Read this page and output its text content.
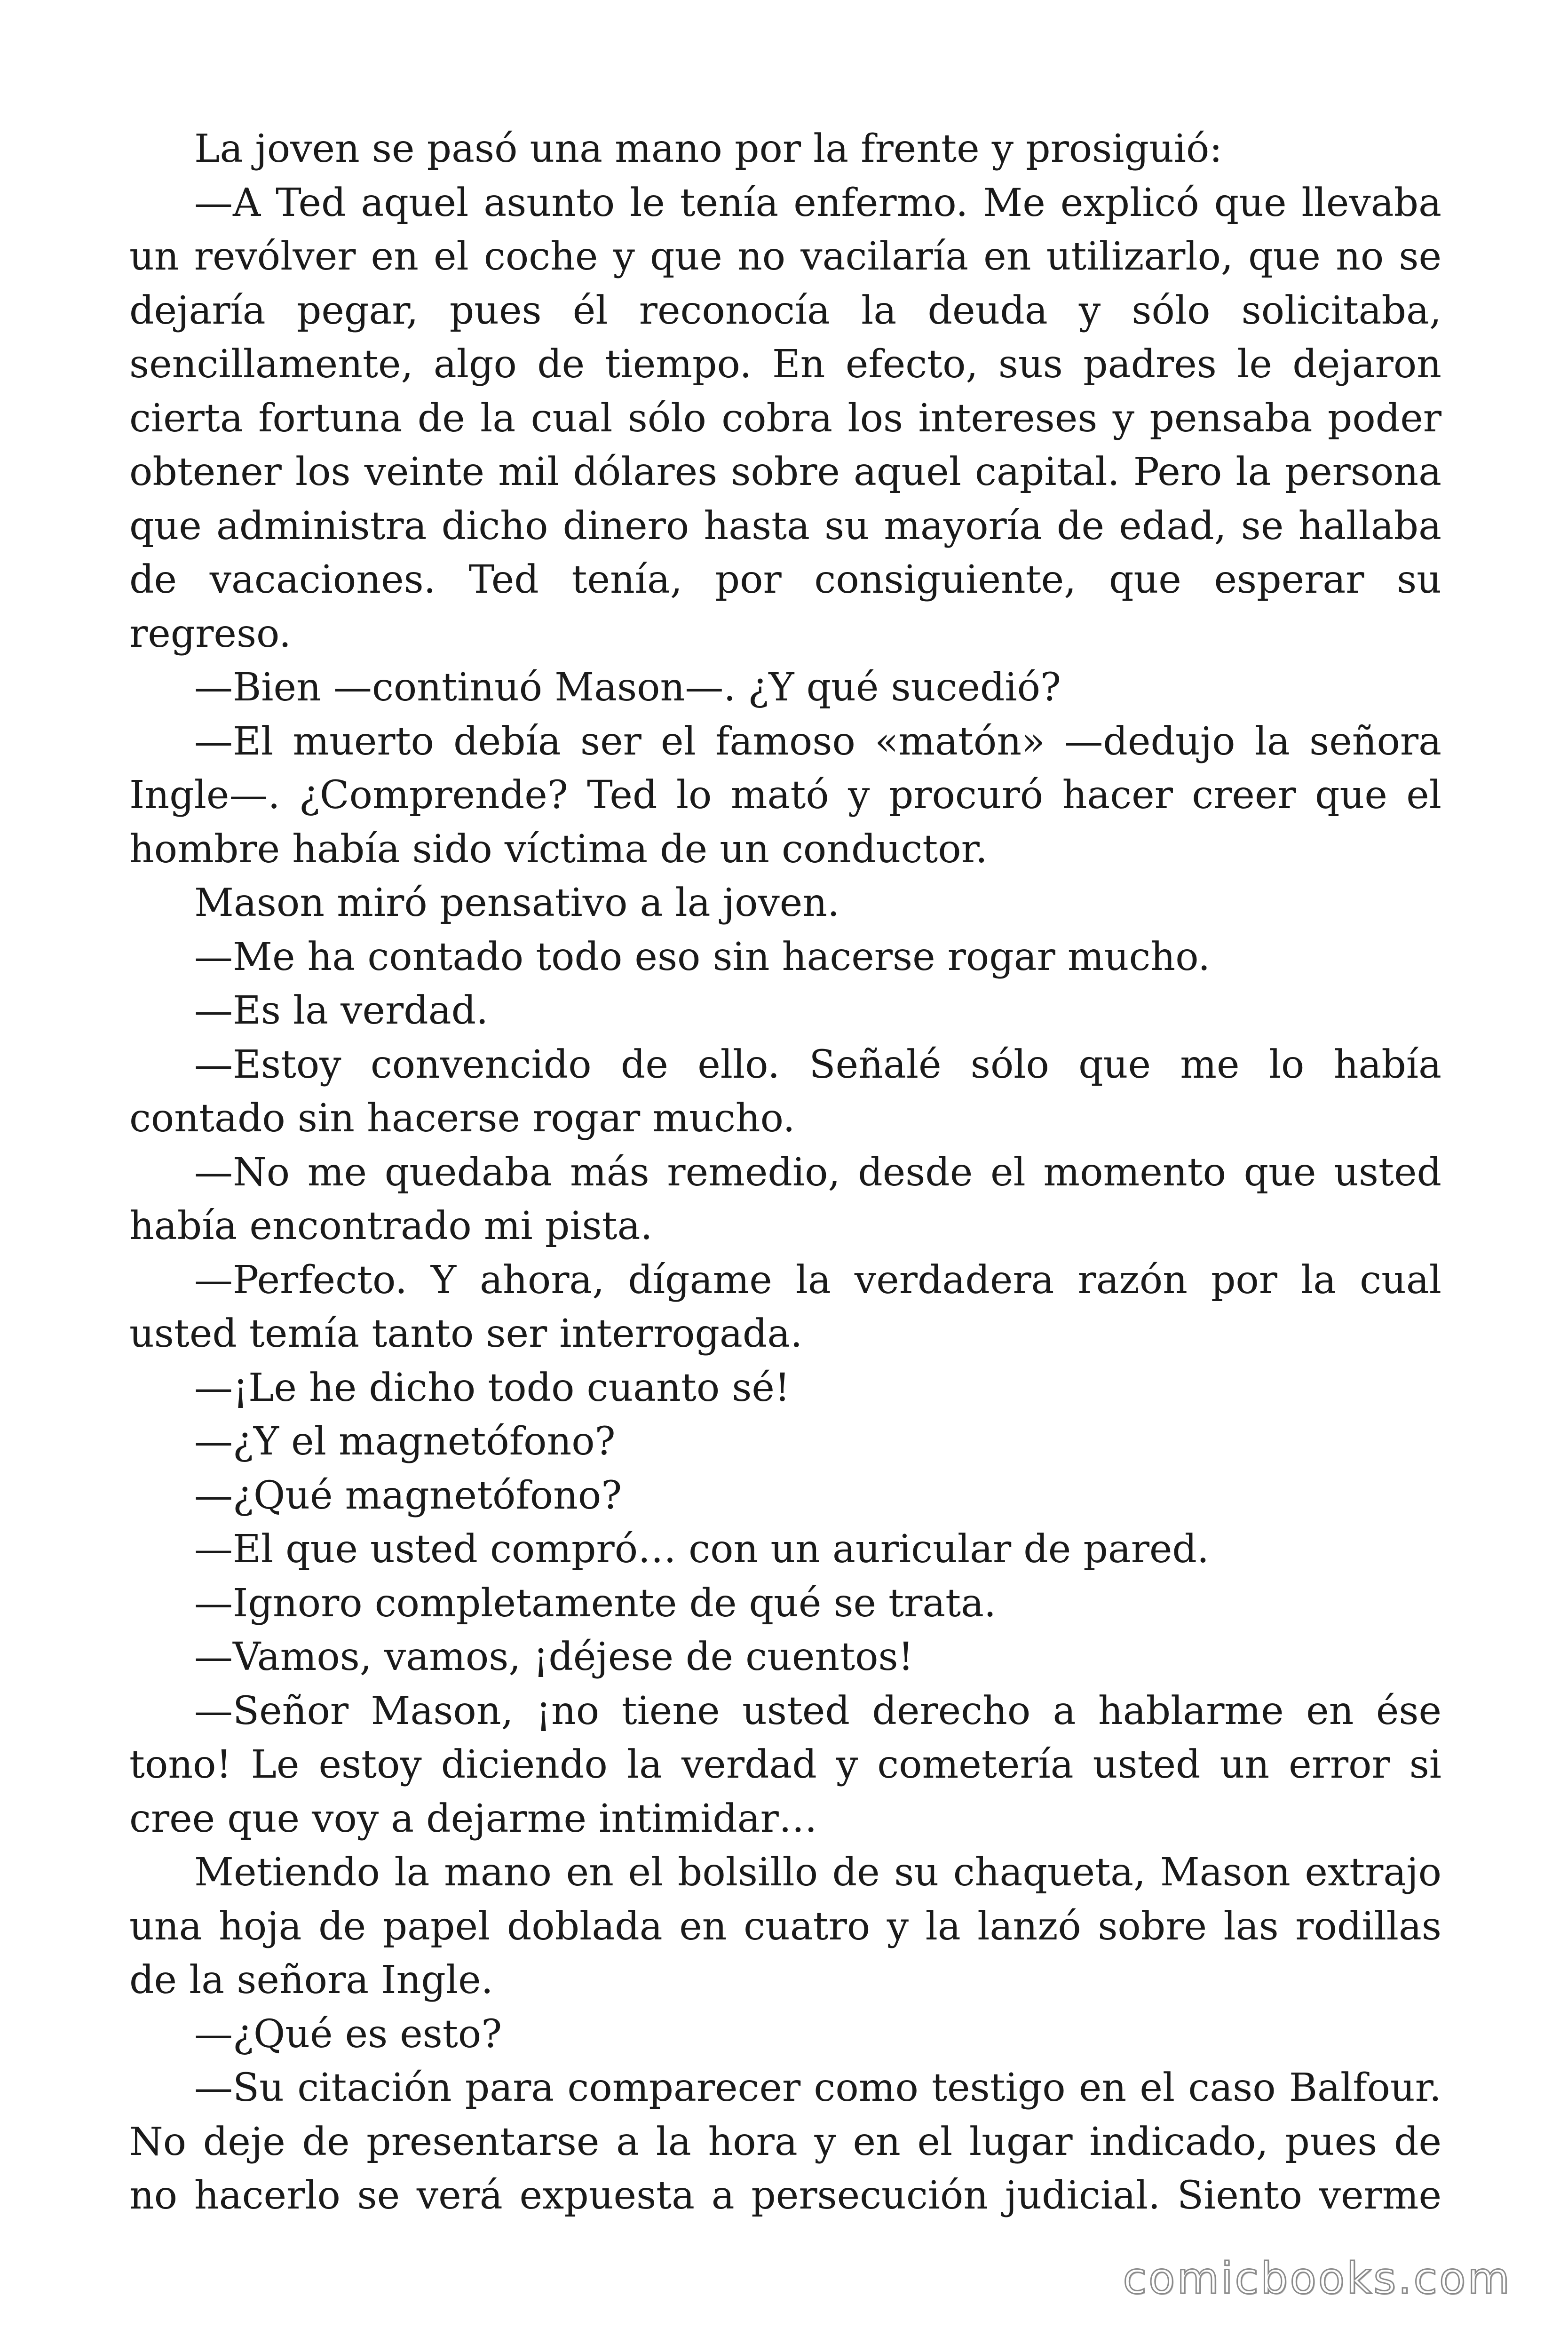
La joven se pasó una mano por la frente y prosiguió:

—A Ted aquel asunto le tenía enfermo. Me explicó que llevaba un revólver en el coche y que no vacilaría en utilizarlo, que no se dejaría pegar, pues él reconocía la deuda y sólo solicitaba, sencillamente, algo de tiempo. En efecto, sus padres le dejaron cierta fortuna de la cual sólo cobra los intereses y pensaba poder obtener los veinte mil dólares sobre aquel capital. Pero la persona que administra dicho dinero hasta su mayoría de edad, se hallaba de vacaciones. Ted tenía, por consiguiente, que esperar su regreso.

—Bien —continuó Mason—. ¿Y qué sucedió?

—El muerto debía ser el famoso «matón» —dedujo la señora Ingle—. ¿Comprende? Ted lo mató y procuró hacer creer que el hombre había sido víctima de un conductor.

Mason miró pensativo a la joven.

—Me ha contado todo eso sin hacerse rogar mucho.

—Es la verdad.

—Estoy convencido de ello. Señalé sólo que me lo había contado sin hacerse rogar mucho.

—No me quedaba más remedio, desde el momento que usted había encontrado mi pista.

—Perfecto. Y ahora, dígame la verdadera razón por la cual usted temía tanto ser interrogada.

—¡Le he dicho todo cuanto sé!

—¿Y el magnetófono?

—¿Qué magnetófono?

—El que usted compró… con un auricular de pared.

—Ignoro completamente de qué se trata.

—Vamos, vamos, ¡déjese de cuentos!

—Señor Mason, ¡no tiene usted derecho a hablarme en ése tono! Le estoy diciendo la verdad y cometería usted un error si cree que voy a dejarme intimidar…

Metiendo la mano en el bolsillo de su chaqueta, Mason extrajo una hoja de papel doblada en cuatro y la lanzó sobre las rodillas de la señora Ingle.

—¿Qué es esto?

—Su citación para comparecer como testigo en el caso Balfour. No deje de presentarse a la hora y en el lugar indicado, pues de no hacerlo se verá expuesta a persecución judicial. Siento verme

comicbooks.com
